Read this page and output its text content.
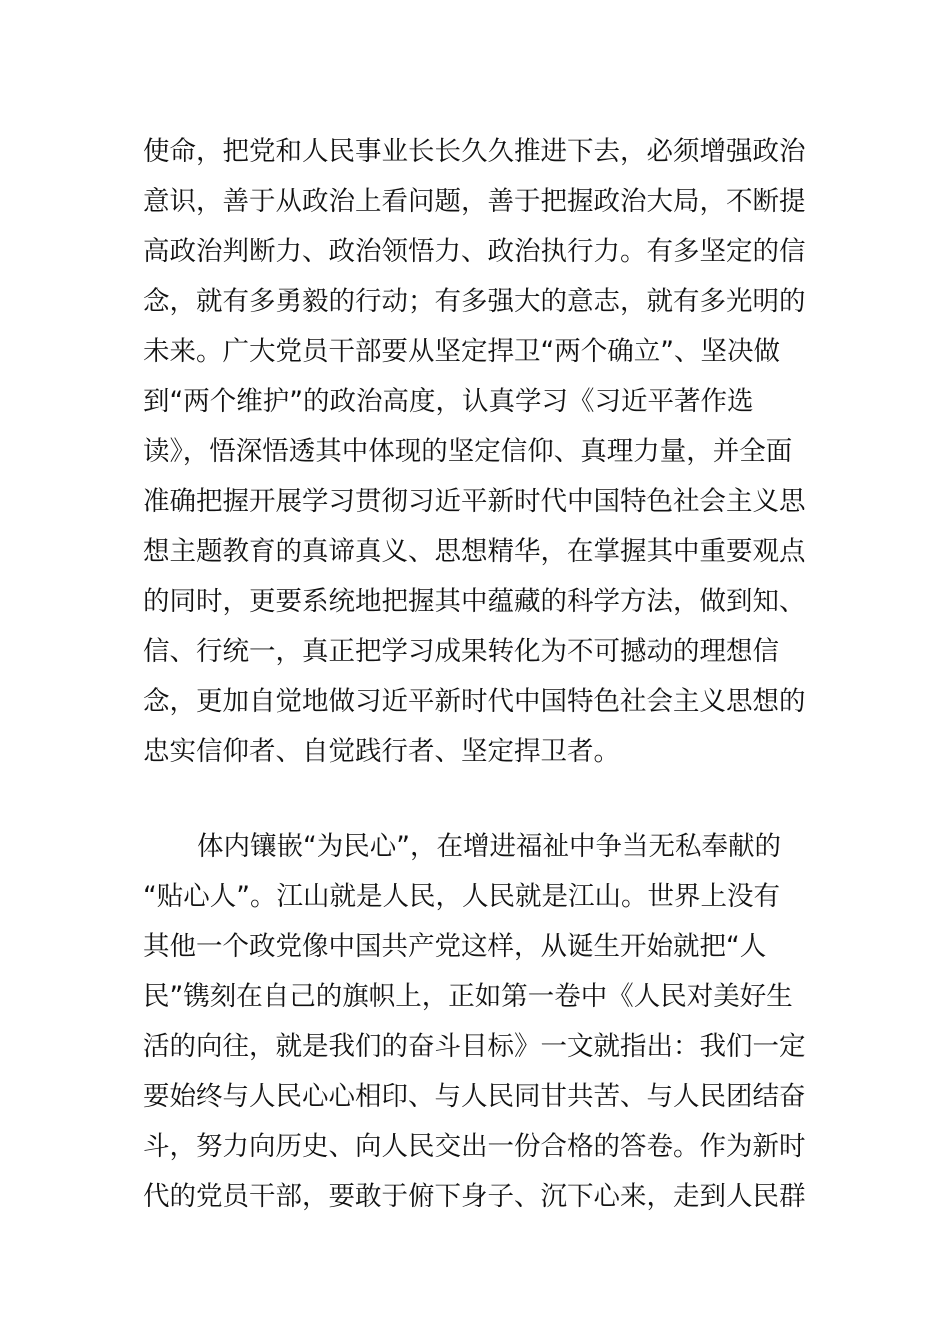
使命，把党和人民事业长长久久推进下去，必须增强政治
意识，善于从政治上看问题，善于把握政治大局，不断提
高政治判断力、政治领悟力、政治执行力。有多坚定的信
念，就有多勇毅的行动；有多强大的意志，就有多光明的
未来。广大党员干部要从坚定捍卫“两个确立”、坚决做
到“两个维护”的政治高度，认真学习《习近平著作选
读》，悟深悟透其中体现的坚定信仰、真理力量，并全面
准确把握开展学习贯彻习近平新时代中国特色社会主义思
想主题教育的真谛真义、思想精华，在掌握其中重要观点
的同时，更要系统地把握其中蕴藏的科学方法，做到知、
信、行统一，真正把学习成果转化为不可撼动的理想信
念，更加自觉地做习近平新时代中国特色社会主义思想的
忠实信仰者、自觉践行者、坚定捍卫者。
体内镶嵌“为民心”，在增进福祉中争当无私奉献的
“贴心人”。江山就是人民，人民就是江山。世界上没有
其他一个政党像中国共产党这样，从诞生开始就把“人
民”镌刻在自己的旗帜上，正如第一卷中《人民对美好生
活的向往，就是我们的奋斗目标》一文就指出：我们一定
要始终与人民心心相印、与人民同甘共苦、与人民团结奋
斗，努力向历史、向人民交出一份合格的答卷。作为新时
代的党员干部，要敢于俯下身子、沉下心来，走到人民群
